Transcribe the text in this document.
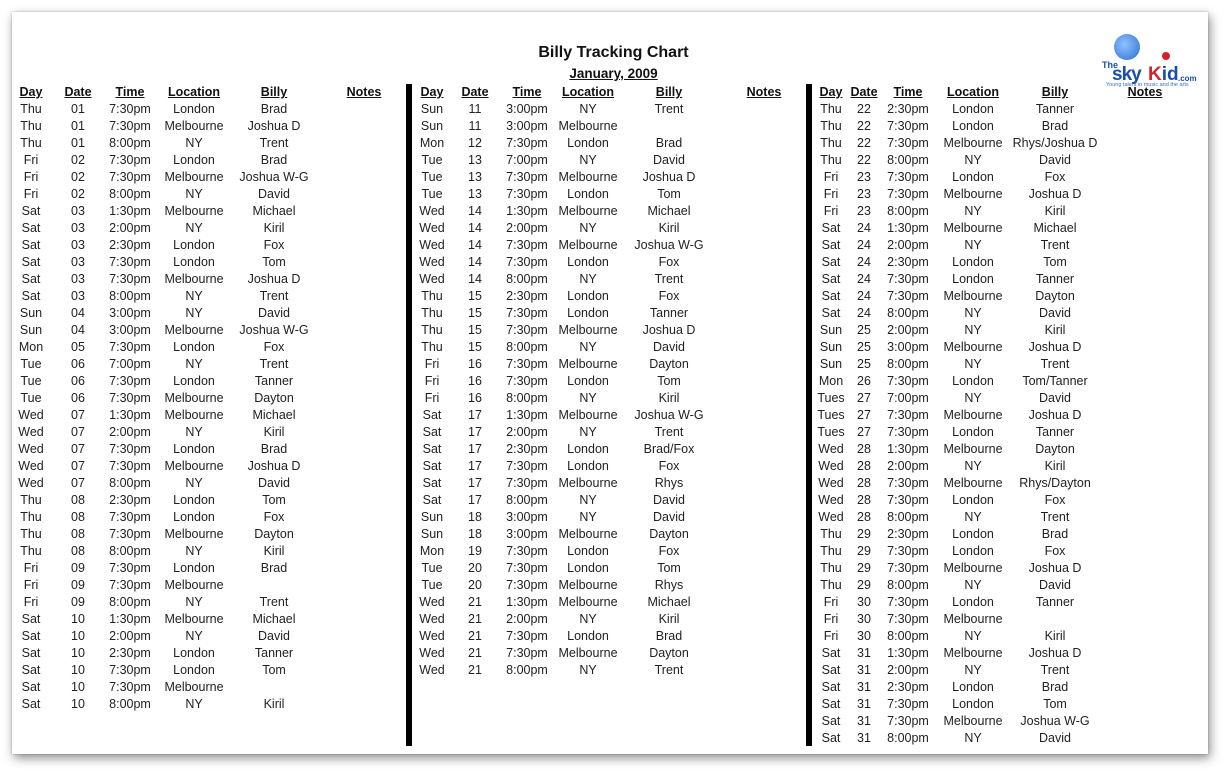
Billy Tracking Chart
January, 2009
The
sky Kid .com
Young talent in music and the arts
Day	Date	Time	Location	Billy	Notes
Thu	01	7:30pm	London	Brad
Thu	01	7:30pm	Melbourne	Joshua D
Thu	01	8:00pm	NY	Trent
Fri	02	7:30pm	London	Brad
Fri	02	7:30pm	Melbourne	Joshua W-G
Fri	02	8:00pm	NY	David
Sat	03	1:30pm	Melbourne	Michael
Sat	03	2:00pm	NY	Kiril
Sat	03	2:30pm	London	Fox
Sat	03	7:30pm	London	Tom
Sat	03	7:30pm	Melbourne	Joshua D
Sat	03	8:00pm	NY	Trent
Sun	04	3:00pm	NY	David
Sun	04	3:00pm	Melbourne	Joshua W-G
Mon	05	7:30pm	London	Fox
Tue	06	7:00pm	NY	Trent
Tue	06	7:30pm	London	Tanner
Tue	06	7:30pm	Melbourne	Dayton
Wed	07	1:30pm	Melbourne	Michael
Wed	07	2:00pm	NY	Kiril
Wed	07	7:30pm	London	Brad
Wed	07	7:30pm	Melbourne	Joshua D
Wed	07	8:00pm	NY	David
Thu	08	2:30pm	London	Tom
Thu	08	7:30pm	London	Fox
Thu	08	7:30pm	Melbourne	Dayton
Thu	08	8:00pm	NY	Kiril
Fri	09	7:30pm	London	Brad
Fri	09	7:30pm	Melbourne
Fri	09	8:00pm	NY	Trent
Sat	10	1:30pm	Melbourne	Michael
Sat	10	2:00pm	NY	David
Sat	10	2:30pm	London	Tanner
Sat	10	7:30pm	London	Tom
Sat	10	7:30pm	Melbourne
Sat	10	8:00pm	NY	Kiril
Day	Date	Time	Location	Billy	Notes
Sun	11	3:00pm	NY	Trent
Sun	11	3:00pm Melbourne
Mon	12	7:30pm	London	Brad
Tue	13	7:00pm	NY	David
Tue	13	7:30pm Melbourne	Joshua D
Tue	13	7:30pm	London	Tom
Wed	14	1:30pm Melbourne	Michael
Wed	14	2:00pm	NY	Kiril
Wed	14	7:30pm Melbourne	Joshua W-G
Wed	14	7:30pm	London	Fox
Wed	14	8:00pm	NY	Trent
Thu	15	2:30pm	London	Fox
Thu	15	7:30pm	London	Tanner
Thu	15	7:30pm Melbourne	Joshua D
Thu	15	8:00pm	NY	David
Fri	16	7:30pm Melbourne	Dayton
Fri	16	7:30pm	London	Tom
Fri	16	8:00pm	NY	Kiril
Sat	17	1:30pm Melbourne	Joshua W-G
Sat	17	2:00pm	NY	Trent
Sat	17	2:30pm	London	Brad/Fox
Sat	17	7:30pm	London	Fox
Sat	17	7:30pm Melbourne	Rhys
Sat	17	8:00pm	NY	David
Sun	18	3:00pm	NY	David
Sun	18	3:00pm Melbourne	Dayton
Mon	19	7:30pm	London	Fox
Tue	20	7:30pm	London	Tom
Tue	20	7:30pm Melbourne	Rhys
Wed	21	1:30pm Melbourne	Michael
Wed	21	2:00pm	NY	Kiril
Wed	21	7:30pm	London	Brad
Wed	21	7:30pm Melbourne	Dayton
Wed	21	8:00pm	NY	Trent
Day Date	Time	Location	Billy	Notes
Thu	22	2:30pm	London	Tanner
Thu	22	7:30pm	London	Brad
Thu	22	7:30pm	Melbourne Rhys/Joshua D
Thu	22	8:00pm	NY	David
Fri	23	7:30pm	London	Fox
Fri	23	7:30pm	Melbourne	Joshua D
Fri	23	8:00pm	NY	Kiril
Sat	24	1:30pm	Melbourne	Michael
Sat	24	2:00pm	NY	Trent
Sat	24	2:30pm	London	Tom
Sat	24	7:30pm	London	Tanner
Sat	24	7:30pm	Melbourne	Dayton
Sat	24	8:00pm	NY	David
Sun	25	2:00pm	NY	Kiril
Sun	25	3:00pm	Melbourne	Joshua D
Sun	25	8:00pm	NY	Trent
Mon	26	7:30pm	London	Tom/Tanner
Tues 27	7:00pm	NY	David
Tues 27	7:30pm	Melbourne	Joshua D
Tues 27	7:30pm	London	Tanner
Wed	28	1:30pm	Melbourne	Dayton
Wed	28	2:00pm	NY	Kiril
Wed	28	7:30pm	Melbourne	Rhys/Dayton
Wed	28	7:30pm	London	Fox
Wed	28	8:00pm	NY	Trent
Thu	29	2:30pm	London	Brad
Thu	29	7:30pm	London	Fox
Thu	29	7:30pm	Melbourne	Joshua D
Thu	29	8:00pm	NY	David
Fri	30	7:30pm	London	Tanner
Fri	30	7:30pm	Melbourne
Fri	30	8:00pm	NY	Kiril
Sat	31	1:30pm	Melbourne	Joshua D
Sat	31	2:00pm	NY	Trent
Sat	31	2:30pm	London	Brad
Sat	31	7:30pm	London	Tom
Sat	31	7:30pm	Melbourne	Joshua W-G
Sat	31	8:00pm	NY	David
